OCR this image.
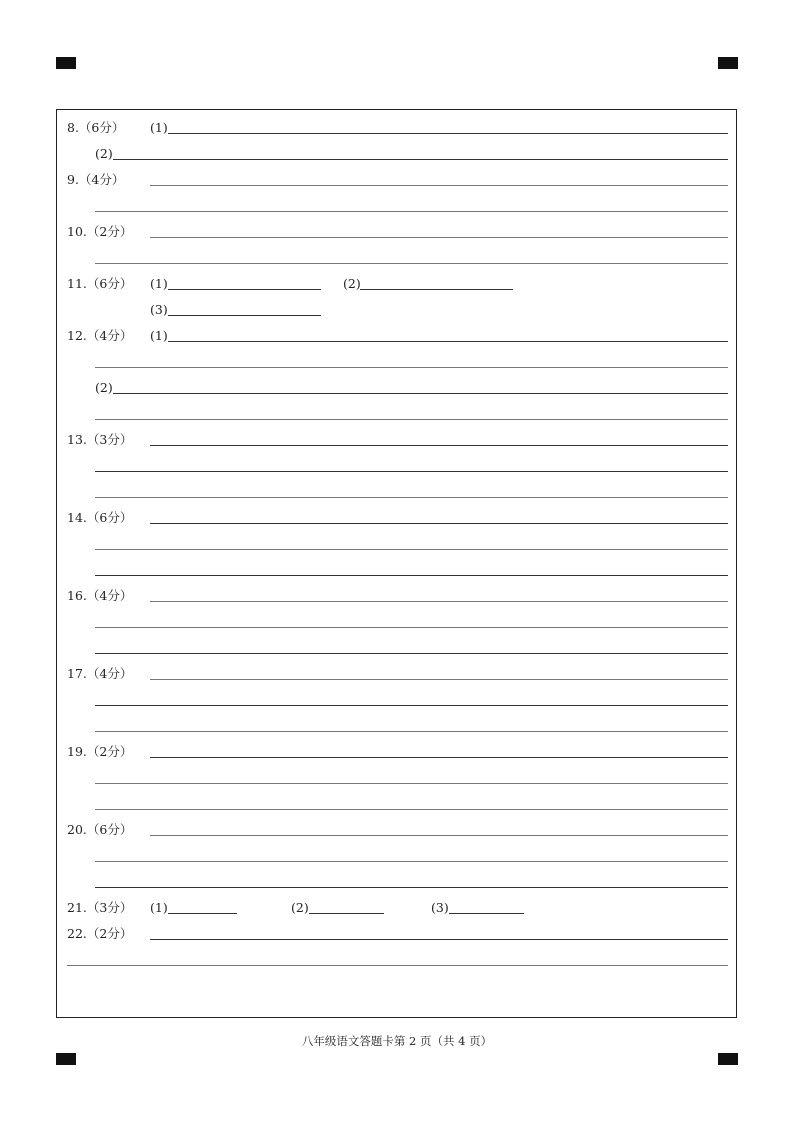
8.（6分） (1)
(2)
9.（4分）
10.（2分）
11.（6分） (1)	(2)
(3)
12.（4分） (1)
(2)
13.（3分）
14.（6分）
16.（4分）
17.（4分）
19.（2分）
20.（6分）
21.（3分） (1)	(2)	(3)
22.（2分）
八年级语文答题卡第 2 页（共 4 页）
